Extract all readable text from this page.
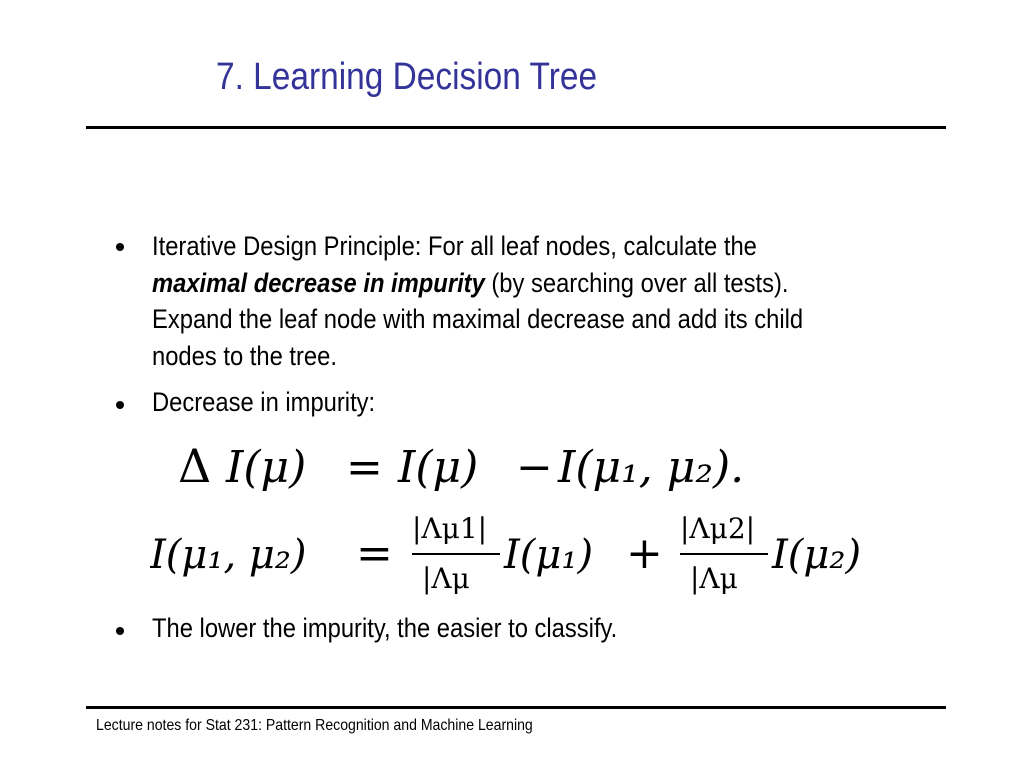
7. Learning Decision Tree
Iterative Design Principle: For all leaf nodes, calculate the
maximal decrease in impurity (by searching over all tests).
Expand the leaf node with maximal decrease and add its child
nodes to the tree.
Decrease in impurity:
Δ I(μ) = I(μ) − I(μ₁, μ₂).
I(μ₁, μ₂) = |Λμ1|
|Λμ
I(μ₁) + |Λμ2|
|Λμ
I(μ₂)
The lower the impurity, the easier to classify.
Lecture notes for Stat 231: Pattern Recognition and Machine Learning
